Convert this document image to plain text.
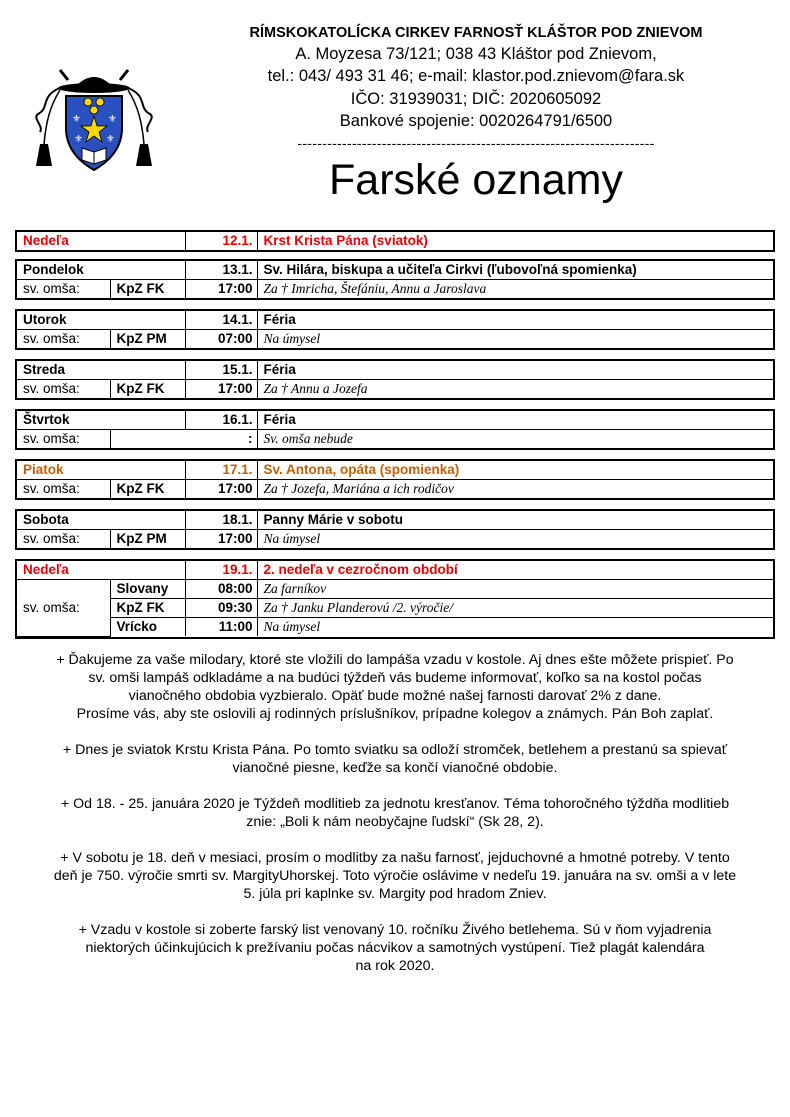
⚜	⚜
⚜ ⚜
RÍMSKOKATOLÍCKA CIRKEV FARNOSŤ KLÁŠTOR POD ZNIEVOM
A. Moyzesa 73/121; 038 43 Kláštor pod Znievom,
tel.: 043/ 493 31 46; e-mail: klastor.pod.znievom@fara.sk
IČO: 31939031; DIČ: 2020605092
Bankové spojenie: 0020264791/6500
------------------------------------------------------------------------
Farské oznamy
Nedeľa	12.1.	Krst Krista Pána (sviatok)
Pondelok		13.1.	Sv. Hilára, biskupa a učiteľa Cirkvi (ľubovoľná spomienka)
sv. omša:	KpZ FK	17:00	Za † Imricha, Štefániu, Annu a Jaroslava
Utorok		14.1.	Féria
sv. omša:	KpZ PM	07:00	Na úmysel
Streda		15.1.	Féria
sv. omša:	KpZ FK	17:00	Za † Annu a Jozefa
Štvrtok		16.1.	Féria
sv. omša:		:	Sv. omša nebude
Piatok		17.1.	Sv. Antona, opáta (spomienka)
sv. omša:	KpZ FK	17:00	Za † Jozefa, Mariána a ich rodičov
Sobota		18.1.	Panny Márie v sobotu
sv. omša:	KpZ PM	17:00	Na úmysel
Nedeľa		19.1.	2. nedeľa v cezročnom období
sv. omša:	Slovany	08:00	Za farníkov
	KpZ FK	09:30	Za † Janku Planderovú /2. výročie/
	Vrícko	11:00	Na úmysel

+ Ďakujeme za vaše milodary, ktoré ste vložili do lampáša vzadu v kostole. Aj dnes ešte môžete prispieť. Po
sv. omši lampáš odkladáme a na budúci týždeň vás budeme informovať, koľko sa na kostol počas
vianočného obdobia vyzbieralo. Opäť bude možné našej farnosti darovať 2% z dane.
Prosíme vás, aby ste oslovili aj rodinných príslušníkov, prípadne kolegov a známych. Pán Boh zaplať.

+ Dnes je sviatok Krstu Krista Pána. Po tomto sviatku sa odloží stromček, betlehem a prestanú sa spievať
vianočné piesne, keďže sa končí vianočné obdobie.

+ Od 18. - 25. januára 2020 je Týždeň modlitieb za jednotu kresťanov. Téma tohoročného týždňa modlitieb
znie: „Boli k nám neobyčajne ľudskí“ (Sk 28, 2).

+ V sobotu je 18. deň v mesiaci, prosím o modlitby za našu farnosť, jejduchovné a hmotné potreby. V tento
deň je 750. výročie smrti sv. MargityUhorskej. Toto výročie oslávime v nedeľu 19. januára na sv. omši a v lete
5. júla pri kaplnke sv. Margity pod hradom Zniev.

+ Vzadu v kostole si zoberte farský list venovaný 10. ročníku Živého betlehema. Sú v ňom vyjadrenia
niektorých účinkujúcich k prežívaniu počas nácvikov a samotných vystúpení. Tiež plagát kalendára
na rok 2020.
